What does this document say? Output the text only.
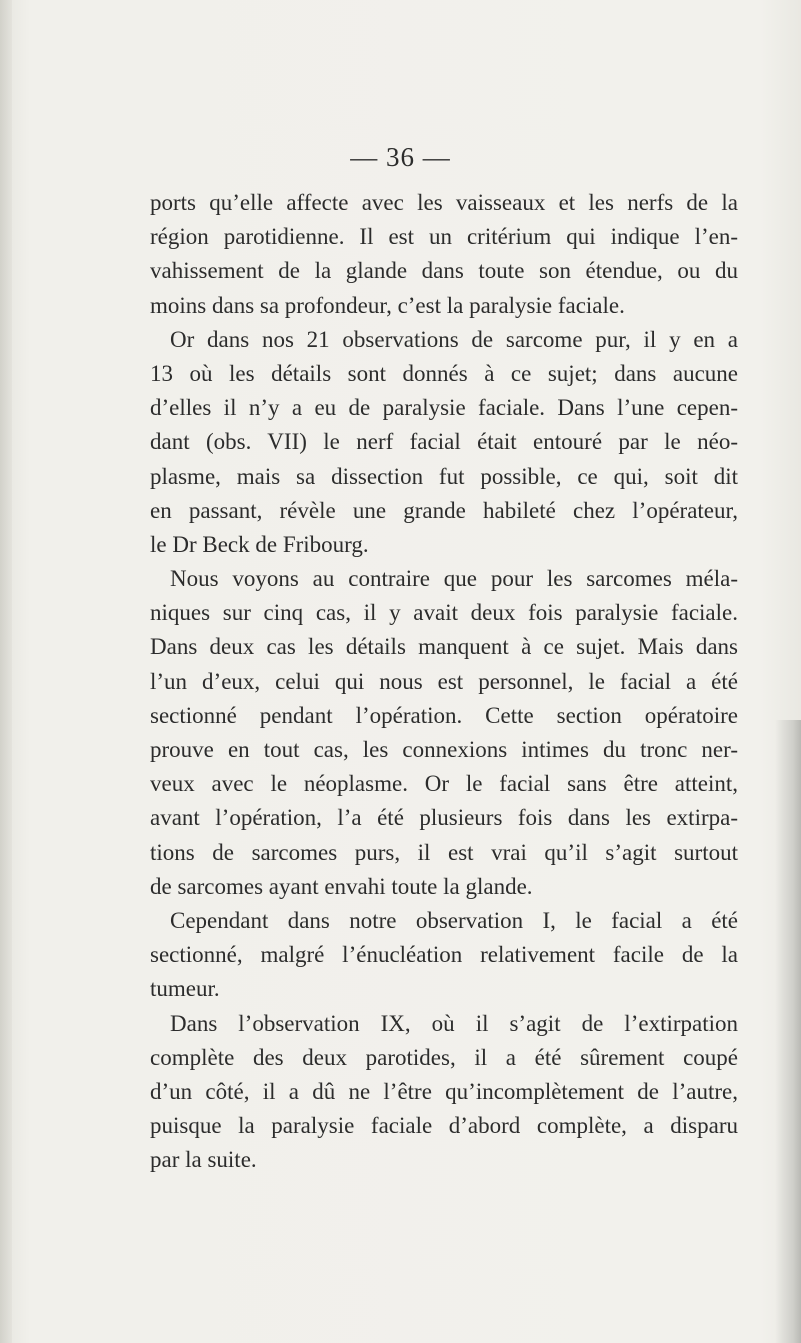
— 36 —
ports qu’elle affecte avec les vaisseaux et les nerfs de la
région parotidienne. Il est un critérium qui indique l’en-
vahissement de la glande dans toute son étendue, ou du
moins dans sa profondeur, c’est la paralysie faciale.
Or dans nos 21 observations de sarcome pur, il y en a
13 où les détails sont donnés à ce sujet; dans aucune
d’elles il n’y a eu de paralysie faciale. Dans l’une cepen-
dant (obs. VII) le nerf facial était entouré par le néo-
plasme, mais sa dissection fut possible, ce qui, soit dit
en passant, révèle une grande habileté chez l’opérateur,
le Dr Beck de Fribourg.
Nous voyons au contraire que pour les sarcomes méla-
niques sur cinq cas, il y avait deux fois paralysie faciale.
Dans deux cas les détails manquent à ce sujet. Mais dans
l’un d’eux, celui qui nous est personnel, le facial a été
sectionné pendant l’opération. Cette section opératoire
prouve en tout cas, les connexions intimes du tronc ner-
veux avec le néoplasme. Or le facial sans être atteint,
avant l’opération, l’a été plusieurs fois dans les extirpa-
tions de sarcomes purs, il est vrai qu’il s’agit surtout
de sarcomes ayant envahi toute la glande.
Cependant dans notre observation I, le facial a été
sectionné, malgré l’énucléation relativement facile de la
tumeur.
Dans l’observation IX, où il s’agit de l’extirpation
complète des deux parotides, il a été sûrement coupé
d’un côté, il a dû ne l’être qu’incomplètement de l’autre,
puisque la paralysie faciale d’abord complète, a disparu
par la suite.
